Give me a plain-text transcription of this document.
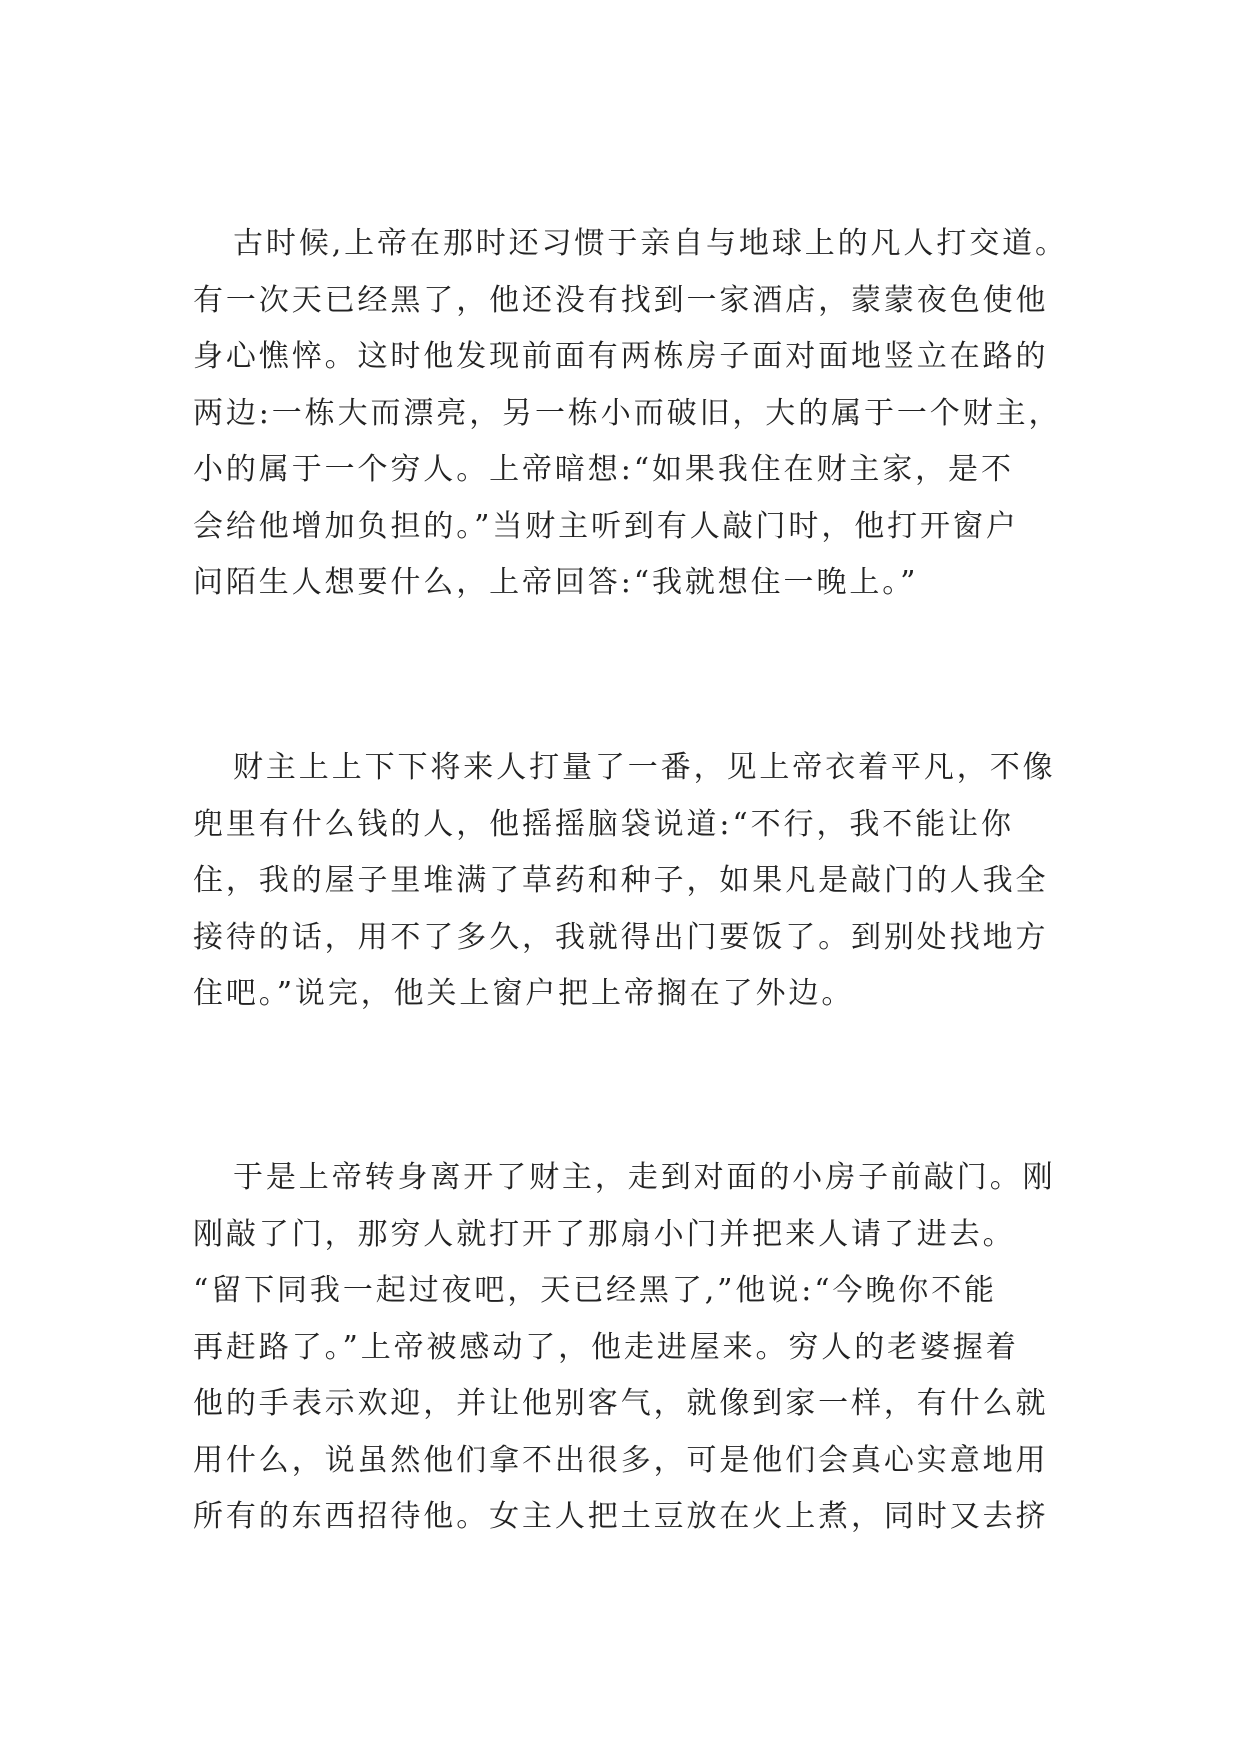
古时候,上帝在那时还习惯于亲自与地球上的凡人打交道。
有一次天已经黑了，他还没有找到一家酒店，蒙蒙夜色使他
身心憔悴。这时他发现前面有两栋房子面对面地竖立在路的
两边:一栋大而漂亮，另一栋小而破旧，大的属于一个财主，
小的属于一个穷人。上帝暗想:“如果我住在财主家，是不
会给他增加负担的。”当财主听到有人敲门时，他打开窗户
问陌生人想要什么，上帝回答:“我就想住一晚上。”
财主上上下下将来人打量了一番，见上帝衣着平凡，不像
兜里有什么钱的人，他摇摇脑袋说道:“不行，我不能让你
住，我的屋子里堆满了草药和种子，如果凡是敲门的人我全
接待的话，用不了多久，我就得出门要饭了。到别处找地方
住吧。”说完，他关上窗户把上帝搁在了外边。
于是上帝转身离开了财主，走到对面的小房子前敲门。刚
刚敲了门，那穷人就打开了那扇小门并把来人请了进去。
“留下同我一起过夜吧，天已经黑了,”他说:“今晚你不能
再赶路了。”上帝被感动了，他走进屋来。穷人的老婆握着
他的手表示欢迎，并让他别客气，就像到家一样，有什么就
用什么，说虽然他们拿不出很多，可是他们会真心实意地用
所有的东西招待他。女主人把土豆放在火上煮，同时又去挤
